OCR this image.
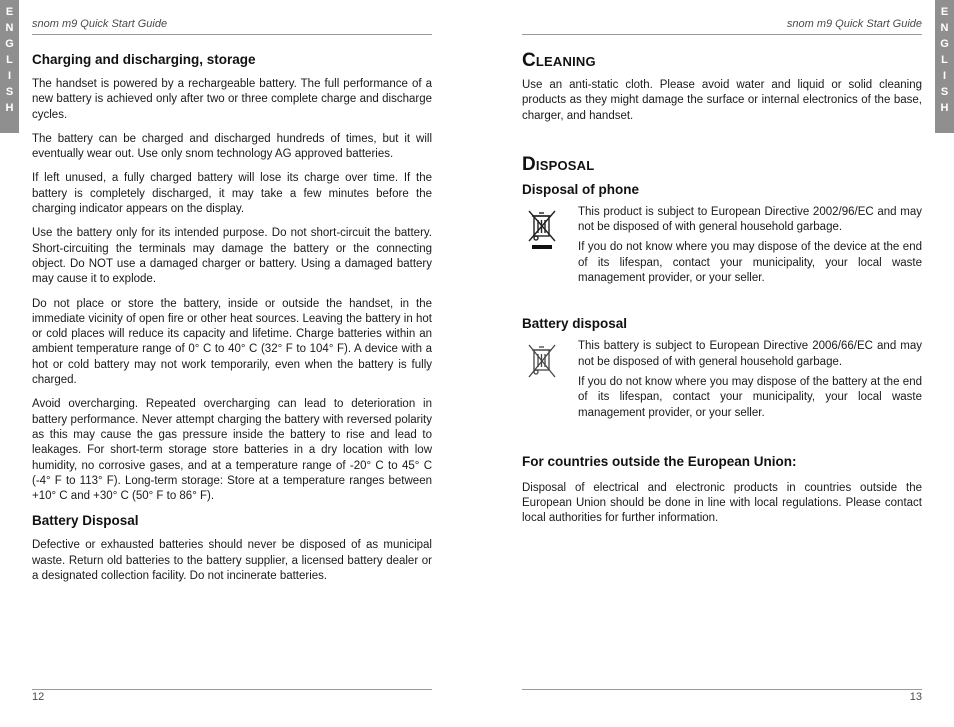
E
N
G
L
I
S
H
E
N
G
L
I
S
H
snom m9 Quick Start Guide
Charging and discharging, storage

The handset is powered by a rechargeable battery. The full performance of a new battery is achieved only after two or three complete charge and discharge cycles.

The battery can be charged and discharged hundreds of times, but it will eventually wear out. Use only snom technology AG approved batteries.

If left unused, a fully charged battery will lose its charge over time. If the battery is completely discharged, it may take a few minutes before the charging indicator appears on the display.

Use the battery only for its intended purpose. Do not short-circuit the battery. Short-circuiting the terminals may damage the battery or the connecting object. Do NOT use a damaged charger or battery. Using a damaged battery may cause it to explode.

Do not place or store the battery, inside or outside the handset, in the immediate vicinity of open fire or other heat sources. Leaving the battery in hot or cold places will reduce its capacity and lifetime. Charge batteries within an ambient temperature range of 0° C to 40° C (32° F to 104° F). A device with a hot or cold battery may not work temporarily, even when the battery is fully charged.

Avoid overcharging. Repeated overcharging can lead to deterioration in battery performance. Never attempt charging the battery with reversed polarity as this may cause the gas pressure inside the battery to rise and lead to leakages. For short-term storage store batteries in a dry location with low humidity, no corrosive gases, and at a temperature range of -20° C to 45° C (-4° F to 113° F). Long-term storage: Store at a temperature ranges between +10° C and +30° C (50° F to 86° F).

Battery Disposal

Defective or exhausted batteries should never be disposed of as municipal waste. Return old batteries to the battery supplier, a licensed battery dealer or a designated collection facility. Do not incinerate batteries.

12
snom m9 Quick Start Guide
Cleaning

Use an anti-static cloth. Please avoid water and liquid or solid cleaning products as they might damage the surface or internal electronics of the base, charger, and handset.

Disposal
Disposal of phone

This product is subject to European Directive 2002/96/EC and may not be disposed of with general household garbage.

If you do not know where you may dispose of the device at the end of its lifespan, contact your municipality, your local waste management provider, or your seller.

Battery disposal

This battery is subject to European Directive 2006/66/EC and may not be disposed of with general household garbage.

If you do not know where you may dispose of the battery at the end of its lifespan, contact your municipality, your local waste management provider, or your seller.

For countries outside the European Union:

Disposal of electrical and electronic products in countries outside the European Union should be done in line with local regulations. Please contact local authorities for further information.

13
